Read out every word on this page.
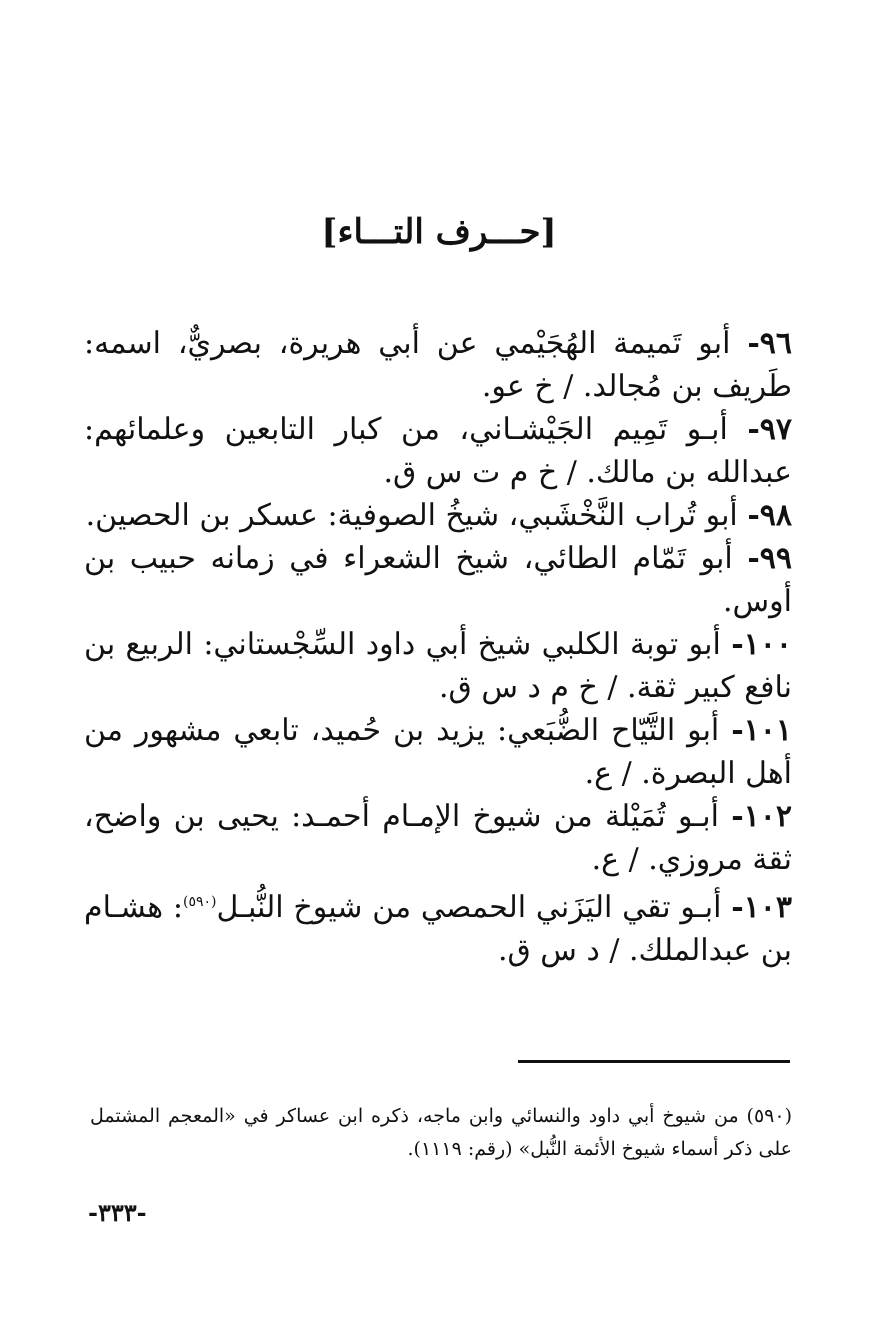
[حـــرف التـــاء]

٩٦- أبو تَميمة الهُجَيْمي عن أبي هريرة، بصريٌّ، اسمه: طَريف بن مُجالد. / خ عو.

٩٧- أبـو تَمِيم الجَيْشـاني، من كبار التابعين وعلمائهم: عبدالله بن مالك. / خ م ت س ق.

٩٨- أبو تُراب النَّخْشَبي، شيخُ الصوفية: عسكر بن الحصين.

٩٩- أبو تَمّام الطائي، شيخ الشعراء في زمانه حبيب بن أوس.

١٠٠- أبو توبة الكلبي شيخ أبي داود السِّجْستاني: الربيع بن نافع كبير ثقة. / خ م د س ق.

١٠١- أبو التَّيّاح الضُّبَعي: يزيد بن حُميد، تابعي مشهور من أهل البصرة. / ع.

١٠٢- أبـو تُمَيْلة من شيوخ الإمـام أحمـد: يحيى بن واضح، ثقة مروزي. / ع.

١٠٣- أبـو تقي اليَزَني الحمصي من شيوخ النُّبـل$^{(٥٩٠)}$: هشـام بن عبدالملك. / د س ق.

(٥٩٠) من شيوخ أبي داود والنسائي وابن ماجه، ذكره ابن عساكر في «المعجم المشتمل على ذكر أسماء شيوخ الأئمة النُّبل» (رقم: ١١١٩).
-٣٣٣-
